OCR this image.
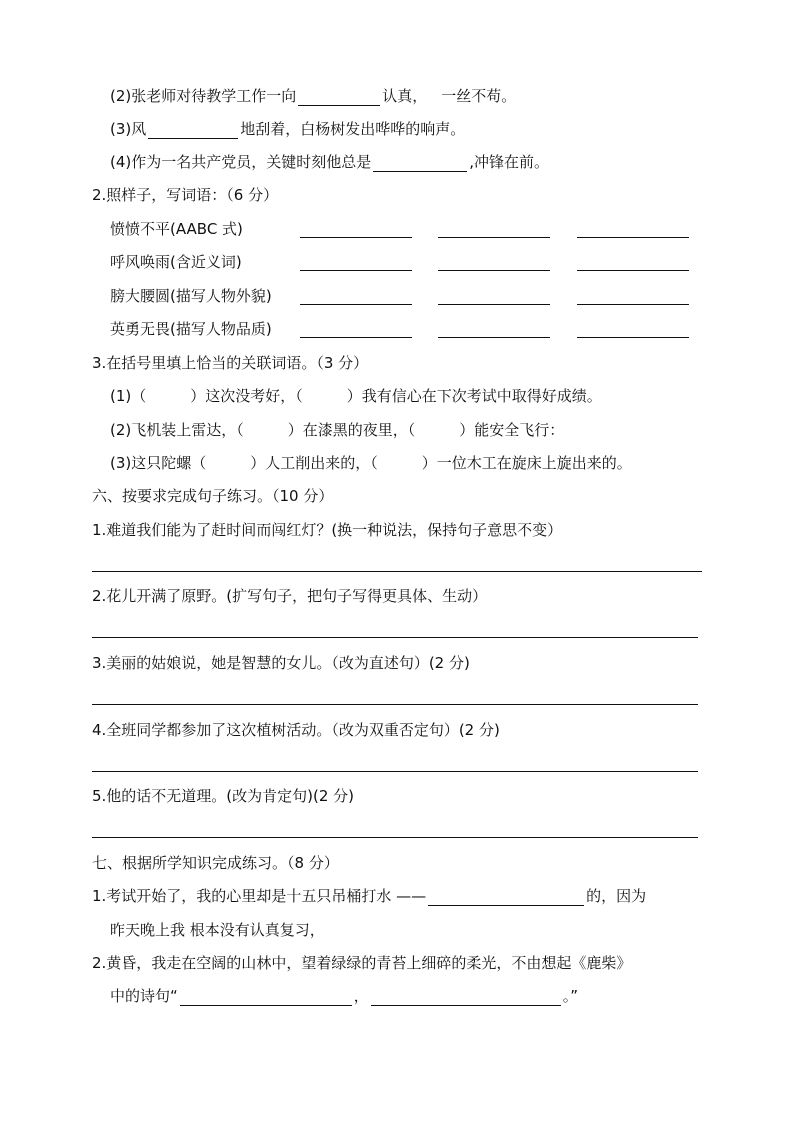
(2)张老师对待教学工作一向	认真， 一丝不苟。
(3)风	地刮着，白杨树发出哗哗的响声。
(4)作为一名共产党员，关键时刻他总是	,冲锋在前。
2.照样子，写词语：（6 分）
愤愤不平(AABC 式)
呼风唤雨(含近义词)
膀大腰圆(描写人物外貌)
英勇无畏(描写人物品质)
3.在括号里填上恰当的关联词语。（3 分）
(1)（	）这次没考好，（	）我有信心在下次考试中取得好成绩。
(2)飞机装上雷达，（	）在漆黑的夜里，（	）能安全飞行：
(3)这只陀螺（	）人工削出来的，（	）一位木工在旋床上旋出来的。
六、按要求完成句子练习。（10 分）
1.难道我们能为了赶时间而闯红灯？(换一种说法，保持句子意思不变）
2.花儿开满了原野。(扩写句子，把句子写得更具体、生动）
3.美丽的姑娘说，她是智慧的女儿。（改为直述句）(2 分)
4.全班同学都参加了这次植树活动。（改为双重否定句）(2 分)
5.他的话不无道理。(改为肯定句)(2 分)
七、根据所学知识完成练习。（8 分）
1.考试开始了，我的心里却是十五只吊桶打水 ——	的，因为
昨天晚上我 根本没有认真复习，
2.黄昏，我走在空阔的山林中，望着绿绿的青苔上细碎的柔光，不由想起《鹿柴》
中的诗句“	，	。”
